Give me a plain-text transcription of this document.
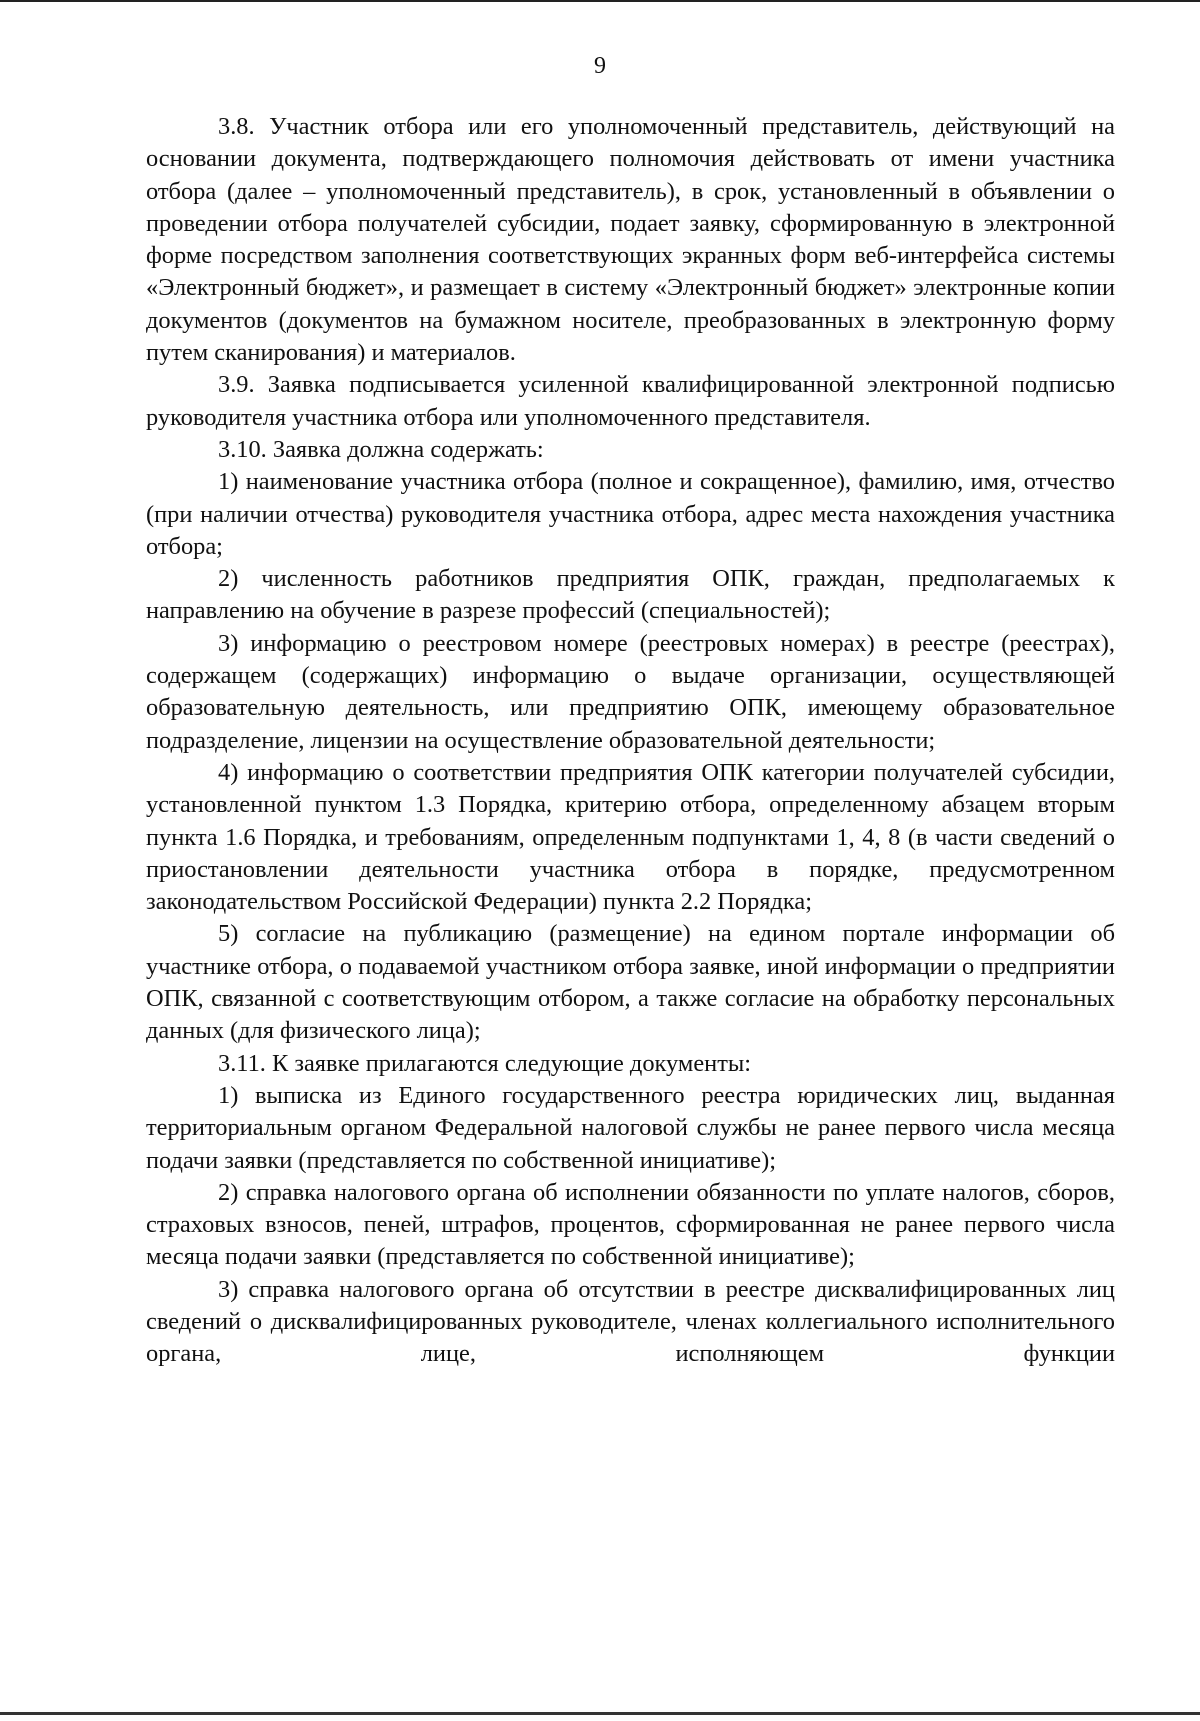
9

3.8. Участник отбора или его уполномоченный представитель, действующий на основании документа, подтверждающего полномочия действовать от имени участника отбора (далее – уполномоченный представитель), в срок, установленный в объявлении о проведении отбора получателей субсидии, подает заявку, сформированную в электронной форме посредством заполнения соответствующих экранных форм веб-интерфейса системы «Электронный бюджет», и размещает в систему «Электронный бюджет» электронные копии документов (документов на бумажном носителе, преобразованных в электронную форму путем сканирования) и материалов.

3.9. Заявка подписывается усиленной квалифицированной электронной подписью руководителя участника отбора или уполномоченного представителя.

3.10. Заявка должна содержать:

1) наименование участника отбора (полное и сокращенное), фамилию, имя, отчество (при наличии отчества) руководителя участника отбора, адрес места нахождения участника отбора;

2) численность работников предприятия ОПК, граждан, предполагаемых к направлению на обучение в разрезе профессий (специальностей);

3) информацию о реестровом номере (реестровых номерах) в реестре (реестрах), содержащем (содержащих) информацию о выдаче организации, осуществляющей образовательную деятельность, или предприятию ОПК, имеющему образовательное подразделение, лицензии на осуществление образовательной деятельности;

4) информацию о соответствии предприятия ОПК категории получателей субсидии, установленной пунктом 1.3 Порядка, критерию отбора, определенному абзацем вторым пункта 1.6 Порядка, и требованиям, определенным подпунктами 1, 4, 8 (в части сведений о приостановлении деятельности участника отбора в порядке, предусмотренном законодательством Российской Федерации) пункта 2.2 Порядка;

5) согласие на публикацию (размещение) на едином портале информации об участнике отбора, о подаваемой участником отбора заявке, иной информации о предприятии ОПК, связанной с соответствующим отбором, а также согласие на обработку персональных данных (для физического лица);

3.11. К заявке прилагаются следующие документы:

1) выписка из Единого государственного реестра юридических лиц, выданная территориальным органом Федеральной налоговой службы не ранее первого числа месяца подачи заявки (представляется по собственной инициативе);

2) справка налогового органа об исполнении обязанности по уплате налогов, сборов, страховых взносов, пеней, штрафов, процентов, сформированная не ранее первого числа месяца подачи заявки (представляется по собственной инициативе);

3) справка налогового органа об отсутствии в реестре дисквалифицированных лиц сведений о дисквалифицированных руководителе, членах коллегиального исполнительного органа, лице, исполняющем функции
